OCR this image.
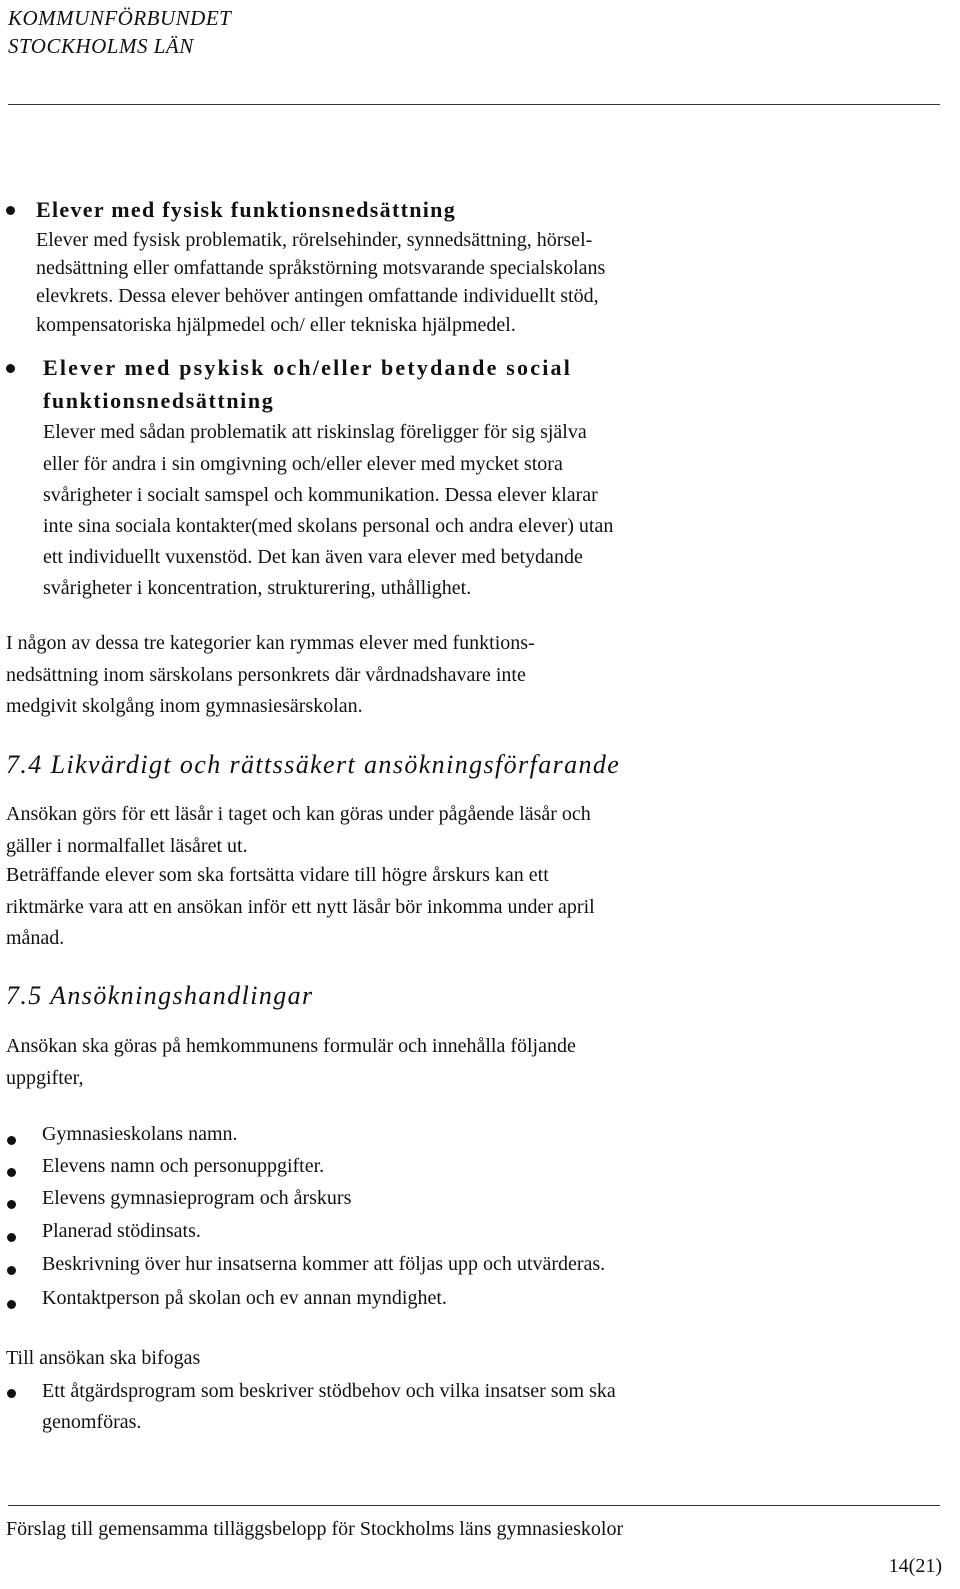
KOMMUNFÖRBUNDET
STOCKHOLMS LÄN
Elever med fysisk funktionsnedsättning
Elever med fysisk problematik, rörelsehinder, synnedsättning, hörsel-
nedsättning eller omfattande språkstörning motsvarande specialskolans
elevkrets. Dessa elever behöver antingen omfattande individuellt stöd,
kompensatoriska hjälpmedel och/ eller tekniska hjälpmedel.
Elever med psykisk och/eller betydande social
funktionsnedsättning
Elever med sådan problematik att riskinslag föreligger för sig själva
eller för andra i sin omgivning och/eller elever med mycket stora
svårigheter i socialt samspel och kommunikation. Dessa elever klarar
inte sina sociala kontakter(med skolans personal och andra elever) utan
ett individuellt vuxenstöd. Det kan även vara elever med betydande
svårigheter i koncentration, strukturering, uthållighet.
I någon av dessa tre kategorier kan rymmas elever med funktions-
nedsättning inom särskolans personkrets där vårdnadshavare inte
medgivit skolgång inom gymnasiesärskolan.
7.4 Likvärdigt och rättssäkert ansökningsförfarande
Ansökan görs för ett läsår i taget och kan göras under pågående läsår och
gäller i normalfallet läsåret ut.
Beträffande elever som ska fortsätta vidare till högre årskurs kan ett
riktmärke vara att en ansökan inför ett nytt läsår bör inkomma under april
månad.
7.5 Ansökningshandlingar
Ansökan ska göras på hemkommunens formulär och innehålla följande
uppgifter,
Gymnasieskolans namn.
Elevens namn och personuppgifter.
Elevens gymnasieprogram och årskurs
Planerad stödinsats.
Beskrivning över hur insatserna kommer att följas upp och utvärderas.
Kontaktperson på skolan och ev annan myndighet.
Till ansökan ska bifogas
Ett åtgärdsprogram som beskriver stödbehov och vilka insatser som ska
genomföras.
Förslag till gemensamma tilläggsbelopp för Stockholms läns gymnasieskolor
14(21)
